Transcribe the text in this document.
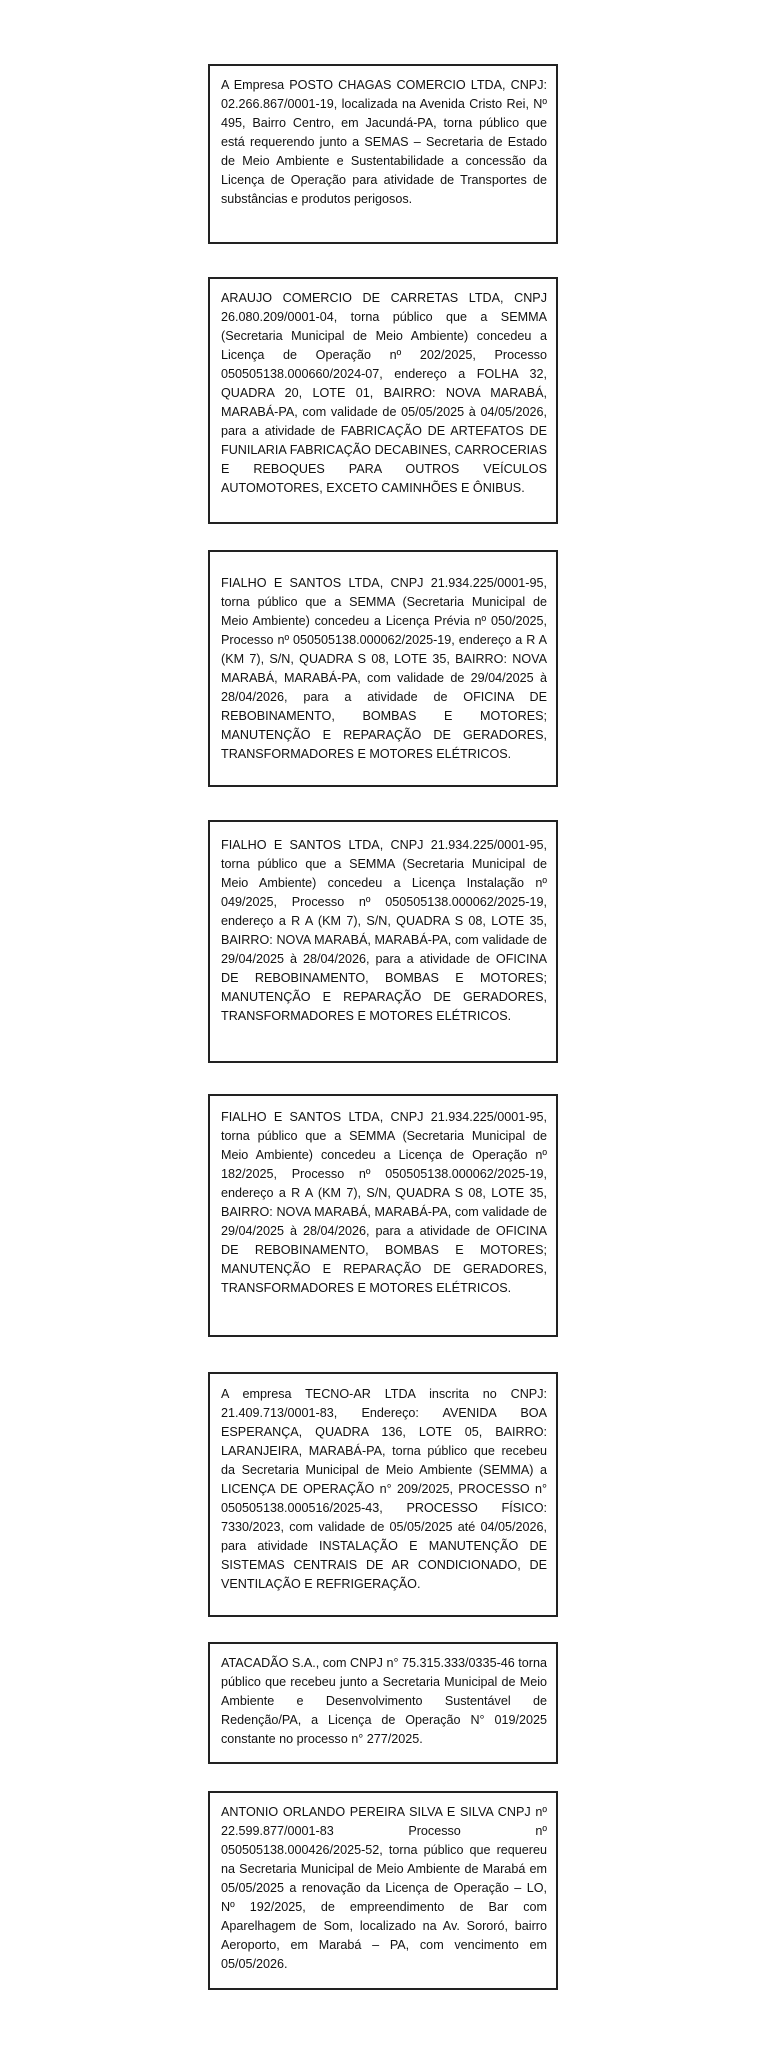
A Empresa POSTO CHAGAS COMERCIO LTDA, CNPJ: 02.266.867/0001-19, localizada na Avenida Cristo Rei, Nº 495, Bairro Centro, em Jacundá-PA, torna público que está requerendo junto a SEMAS – Secretaria de Estado de Meio Ambiente e Sustentabilidade a concessão da Licença de Operação para atividade de Transportes de substâncias e produtos perigosos.

ARAUJO COMERCIO DE CARRETAS LTDA, CNPJ 26.080.209/0001-04, torna público que a SEMMA (Secretaria Municipal de Meio Ambiente) concedeu a Licença de Operação nº 202/2025, Processo 050505138.000660/2024-07, endereço a FOLHA 32, QUADRA 20, LOTE 01, BAIRRO: NOVA MARABÁ, MARABÁ-PA, com validade de 05/05/2025 à 04/05/2026, para a atividade de FABRICAÇÃO DE ARTEFATOS DE FUNILARIA FABRICAÇÃO DECABINES, CARROCERIAS E REBOQUES PARA OUTROS VEÍCULOS AUTOMOTORES, EXCETO CAMINHÕES E ÔNIBUS.

FIALHO E SANTOS LTDA, CNPJ 21.934.225/0001-95, torna público que a SEMMA (Secretaria Municipal de Meio Ambiente) concedeu a Licença Prévia nº 050/2025, Processo nº 050505138.000062/2025-19, endereço a R A (KM 7), S/N, QUADRA S 08, LOTE 35, BAIRRO: NOVA MARABÁ, MARABÁ-PA, com validade de 29/04/2025 à 28/04/2026, para a atividade de OFICINA DE REBOBINAMENTO, BOMBAS E MOTORES; MANUTENÇÃO E REPARAÇÃO DE GERADORES, TRANSFORMADORES E MOTORES ELÉTRICOS.

FIALHO E SANTOS LTDA, CNPJ 21.934.225/0001-95, torna público que a SEMMA (Secretaria Municipal de Meio Ambiente) concedeu a Licença Instalação nº 049/2025, Processo nº 050505138.000062/2025-19, endereço a R A (KM 7), S/N, QUADRA S 08, LOTE 35, BAIRRO: NOVA MARABÁ, MARABÁ-PA, com validade de 29/04/2025 à 28/04/2026, para a atividade de OFICINA DE REBOBINAMENTO, BOMBAS E MOTORES; MANUTENÇÃO E REPARAÇÃO DE GERADORES, TRANSFORMADORES E MOTORES ELÉTRICOS.

FIALHO E SANTOS LTDA, CNPJ 21.934.225/0001-95, torna público que a SEMMA (Secretaria Municipal de Meio Ambiente) concedeu a Licença de Operação nº 182/2025, Processo nº 050505138.000062/2025-19, endereço a R A (KM 7), S/N, QUADRA S 08, LOTE 35, BAIRRO: NOVA MARABÁ, MARABÁ-PA, com validade de 29/04/2025 à 28/04/2026, para a atividade de OFICINA DE REBOBINAMENTO, BOMBAS E MOTORES; MANUTENÇÃO E REPARAÇÃO DE GERADORES, TRANSFORMADORES E MOTORES ELÉTRICOS.

A empresa TECNO-AR LTDA inscrita no CNPJ: 21.409.713/0001-83, Endereço: AVENIDA BOA ESPERANÇA, QUADRA 136, LOTE 05, BAIRRO: LARANJEIRA, MARABÁ-PA, torna público que recebeu da Secretaria Municipal de Meio Ambiente (SEMMA) a LICENÇA DE OPERAÇÃO n° 209/2025, PROCESSO n° 050505138.000516/2025-43, PROCESSO FÍSICO: 7330/2023, com validade de 05/05/2025 até 04/05/2026, para atividade INSTALAÇÃO E MANUTENÇÃO DE SISTEMAS CENTRAIS DE AR CONDICIONADO, DE VENTILAÇÃO E REFRIGERAÇÃO.

ATACADÃO S.A., com CNPJ n° 75.315.333/0335-46 torna público que recebeu junto a Secretaria Municipal de Meio Ambiente e Desenvolvimento Sustentável de Redenção/PA, a Licença de Operação N° 019/2025 constante no processo n° 277/2025.

ANTONIO ORLANDO PEREIRA SILVA E SILVA CNPJ nº 22.599.877/0001-83 Processo nº 050505138.000426/2025-52, torna público que requereu na Secretaria Municipal de Meio Ambiente de Marabá em 05/05/2025 a renovação da Licença de Operação – LO, Nº 192/2025, de empreendimento de Bar com Aparelhagem de Som, localizado na Av. Sororó, bairro Aeroporto, em Marabá – PA, com vencimento em 05/05/2026.
